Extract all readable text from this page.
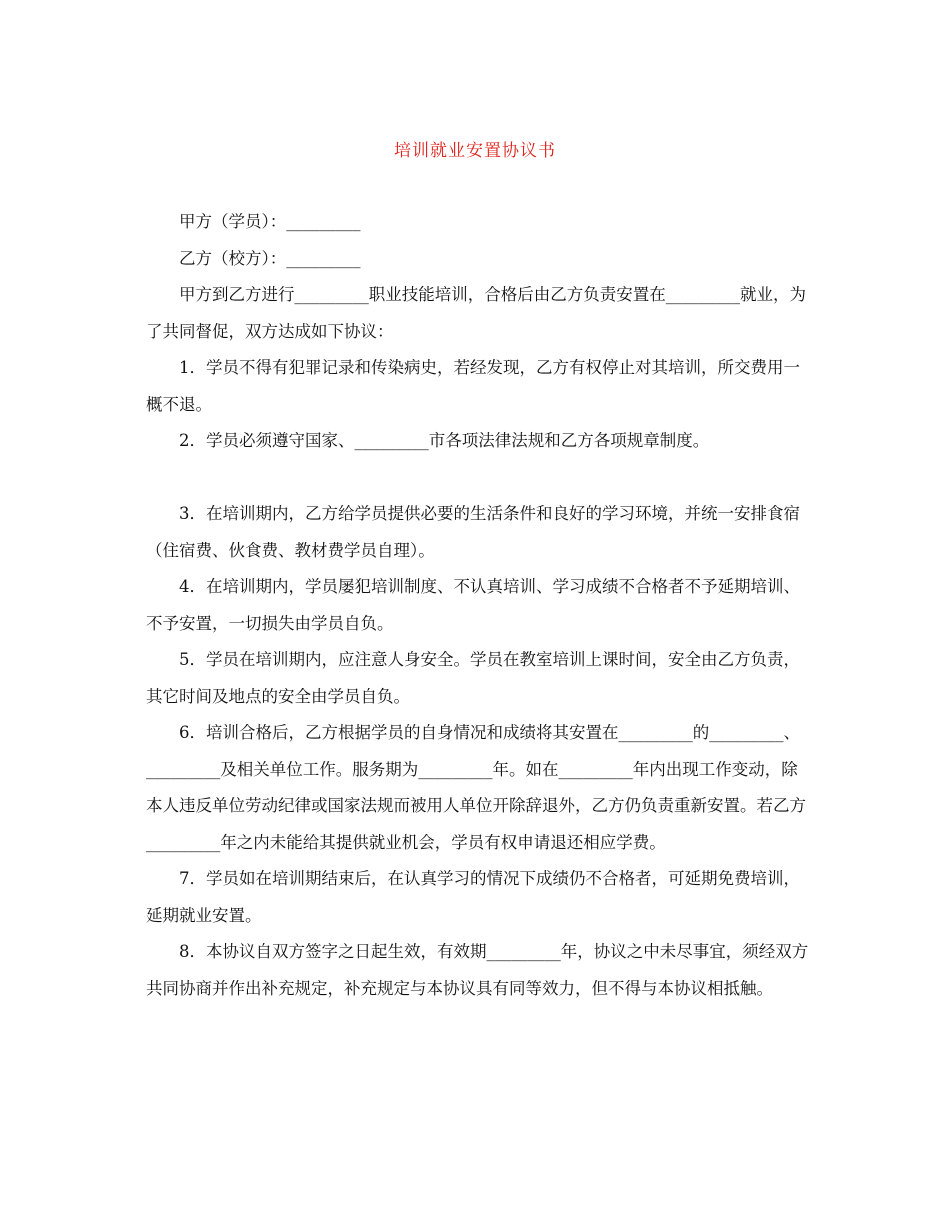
培训就业安置协议书

甲方（学员）：_________

乙方（校方）：_________

甲方到乙方进行_________职业技能培训，合格后由乙方负责安置在_________就业，为了共同督促，双方达成如下协议：

1．学员不得有犯罪记录和传染病史，若经发现，乙方有权停止对其培训，所交费用一概不退。

2．学员必须遵守国家、_________市各项法律法规和乙方各项规章制度。

3．在培训期内，乙方给学员提供必要的生活条件和良好的学习环境，并统一安排食宿（住宿费、伙食费、教材费学员自理）。

4．在培训期内，学员屡犯培训制度、不认真培训、学习成绩不合格者不予延期培训、不予安置，一切损失由学员自负。

5．学员在培训期内，应注意人身安全。学员在教室培训上课时间，安全由乙方负责，其它时间及地点的安全由学员自负。

6．培训合格后，乙方根据学员的自身情况和成绩将其安置在_________的_________、_________及相关单位工作。服务期为_________年。如在_________年内出现工作变动，除本人违反单位劳动纪律或国家法规而被用人单位开除辞退外，乙方仍负责重新安置。若乙方_________年之内未能给其提供就业机会，学员有权申请退还相应学费。

7．学员如在培训期结束后，在认真学习的情况下成绩仍不合格者，可延期免费培训，延期就业安置。

8．本协议自双方签字之日起生效，有效期_________年，协议之中未尽事宜，须经双方共同协商并作出补充规定，补充规定与本协议具有同等效力，但不得与本协议相抵触。
